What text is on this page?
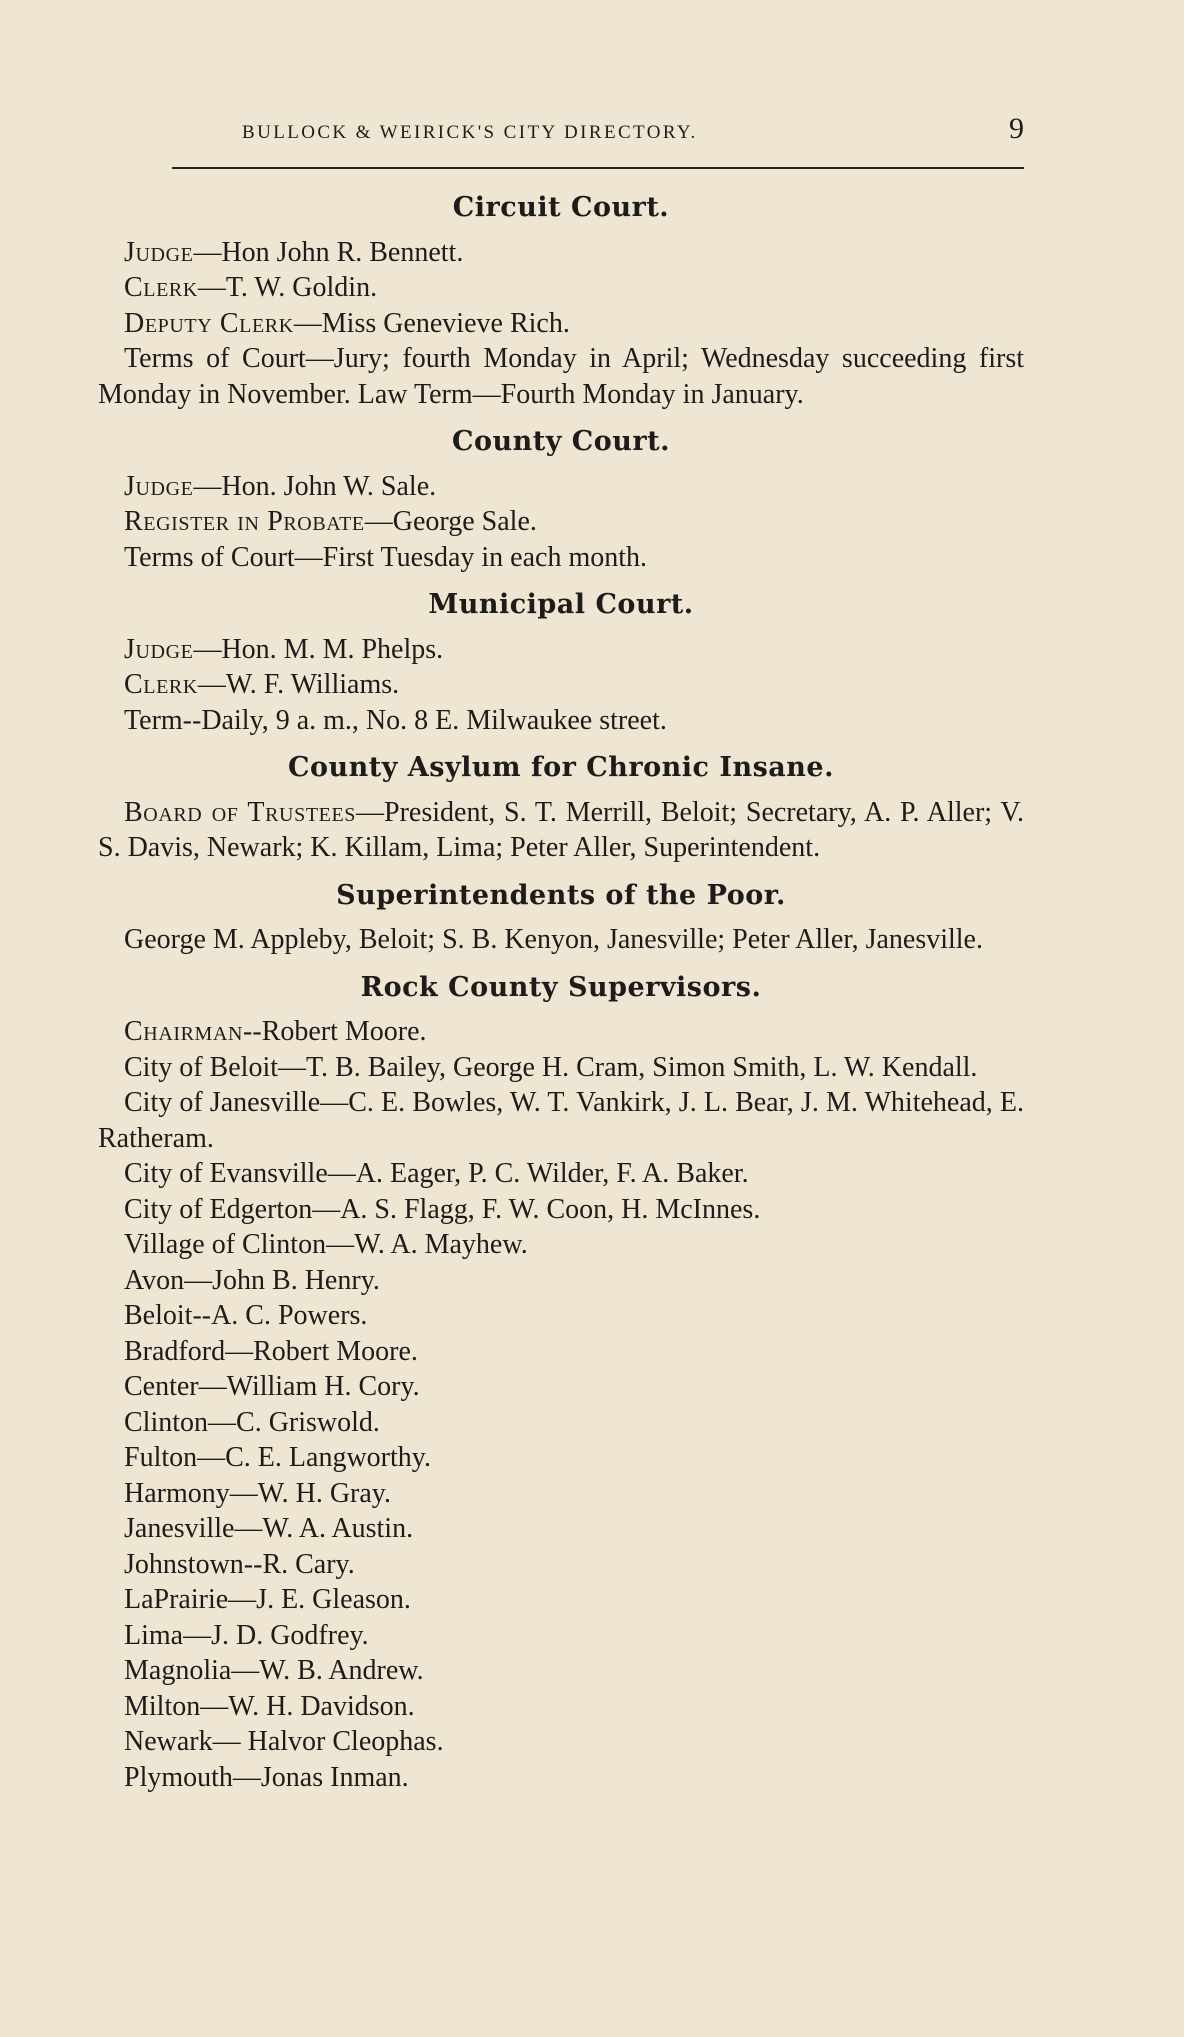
BULLOCK & WEIRICK'S CITY DIRECTORY.	9
Circuit Court.

Judge—Hon John R. Bennett.

Clerk—T. W. Goldin.

Deputy Clerk—Miss Genevieve Rich.

Terms of Court—Jury; fourth Monday in April; Wednesday succeeding first Monday in November. Law Term—Fourth Monday in January.

County Court.

Judge—Hon. John W. Sale.

Register in Probate—George Sale.

Terms of Court—First Tuesday in each month.

Municipal Court.

Judge—Hon. M. M. Phelps.

Clerk—W. F. Williams.

Term--Daily, 9 a. m., No. 8 E. Milwaukee street.

County Asylum for Chronic Insane.

Board of Trustees—President, S. T. Merrill, Beloit; Secretary, A. P. Aller; V. S. Davis, Newark; K. Killam, Lima; Peter Aller, Superintendent.

Superintendents of the Poor.

George M. Appleby, Beloit; S. B. Kenyon, Janesville; Peter Aller, Janesville.

Rock County Supervisors.

Chairman--Robert Moore.

City of Beloit—T. B. Bailey, George H. Cram, Simon Smith, L. W. Kendall.

City of Janesville—C. E. Bowles, W. T. Vankirk, J. L. Bear, J. M. Whitehead, E. Ratheram.

City of Evansville—A. Eager, P. C. Wilder, F. A. Baker.

City of Edgerton—A. S. Flagg, F. W. Coon, H. McInnes.

Village of Clinton—W. A. Mayhew.

Avon—John B. Henry.

Beloit--A. C. Powers.

Bradford—Robert Moore.

Center—William H. Cory.

Clinton—C. Griswold.

Fulton—C. E. Langworthy.

Harmony—W. H. Gray.

Janesville—W. A. Austin.

Johnstown--R. Cary.

LaPrairie—J. E. Gleason.

Lima—J. D. Godfrey.

Magnolia—W. B. Andrew.

Milton—W. H. Davidson.

Newark— Halvor Cleophas.

Plymouth—Jonas Inman.
